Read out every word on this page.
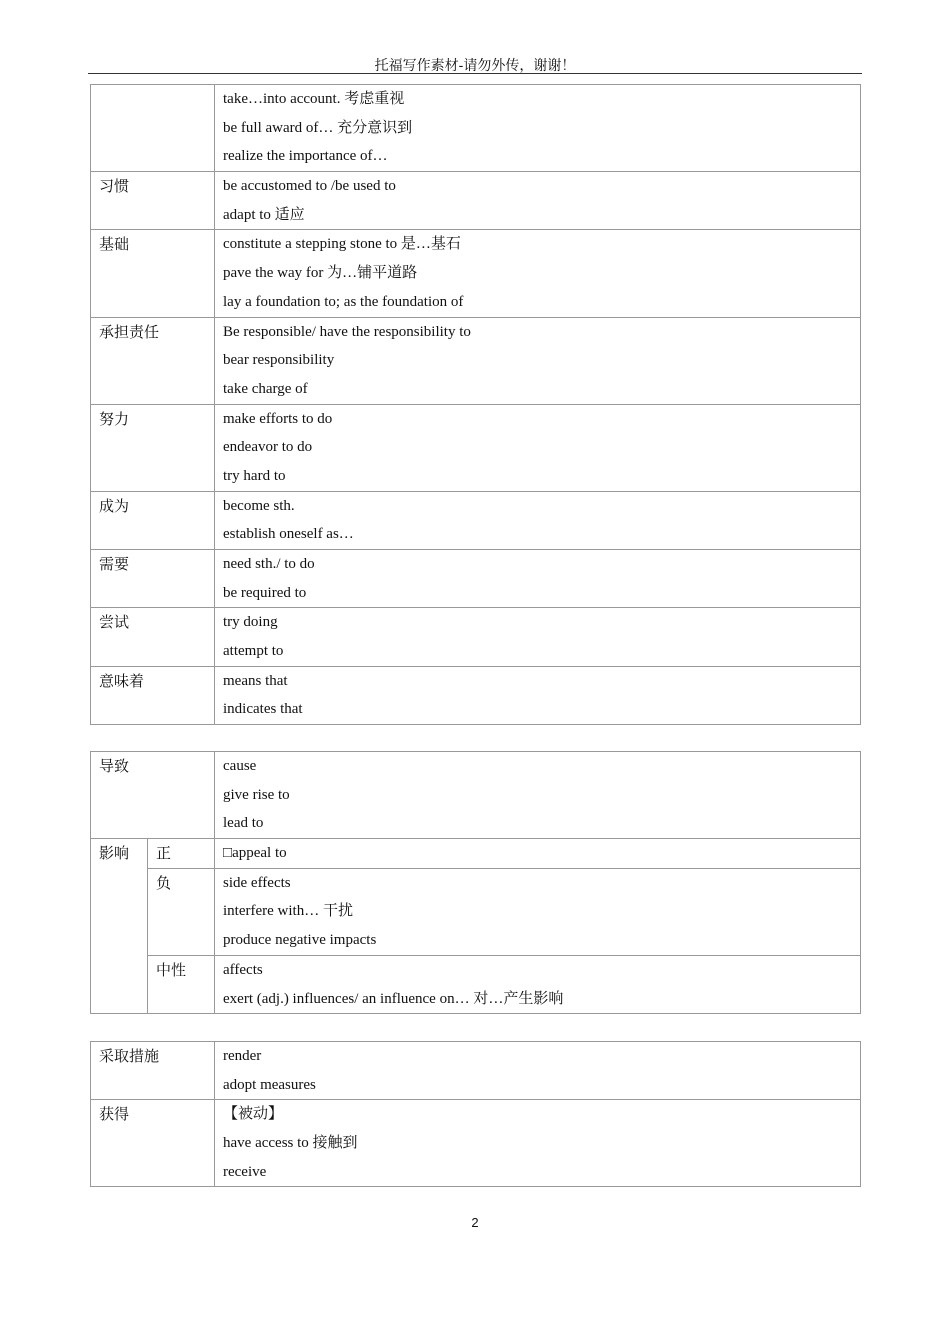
托福写作素材-请勿外传，谢谢！

	take…into account. 考虑重视
be full award of… 充分意识到
realize the importance of…

习惯	be accustomed to /be used to
adapt to 适应

基础	constitute a stepping stone to 是…基石
pave the way for 为…铺平道路
lay a foundation to; as the foundation of

承担责任	Be responsible/ have the responsibility to
bear responsibility
take charge of

努力	make efforts to do
endeavor to do
try hard to

成为	become sth.
establish oneself as…

需要	need sth./ to do
be required to

尝试	try doing
attempt to

意味着	means that
indicates that
导致		cause
give rise to
lead to

影响	正	□appeal to

	负	side effects
interfere with… 干扰
produce negative impacts

	中性	affects
exert (adj.) influences/ an influence on… 对…产生影响
采取措施	render
adopt measures

获得	【被动】
have access to 接触到
receive
2
